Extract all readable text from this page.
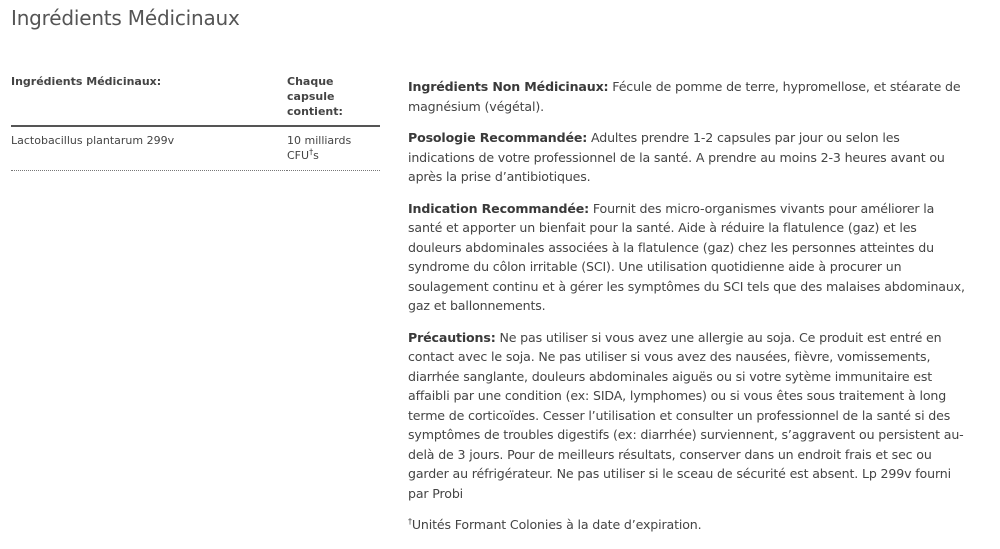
Ingrédients Médicinaux
Ingrédients Médicinaux:	Chaque capsule contient:
Lactobacillus plantarum 299v	10 milliards CFU†s

Ingrédients Non Médicinaux: Fécule de pomme de terre, hypromellose, et stéarate de magnésium (végétal).

Posologie Recommandée: Adultes prendre 1-2 capsules par jour ou selon les indications de votre professionnel de la santé. A prendre au moins 2-3 heures avant ou après la prise d’antibiotiques.

Indication Recommandée: Fournit des micro-organismes vivants pour améliorer la santé et apporter un bienfait pour la santé. Aide à réduire la flatulence (gaz) et les douleurs abdominales associées à la flatulence (gaz) chez les personnes atteintes du syndrome du côlon irritable (SCI). Une utilisation quotidienne aide à procurer un soulagement continu et à gérer les symptômes du SCI tels que des malaises abdominaux, gaz et ballonnements.

Précautions: Ne pas utiliser si vous avez une allergie au soja. Ce produit est entré en contact avec le soja. Ne pas utiliser si vous avez des nausées, fièvre, vomissements, diarrhée sanglante, douleurs abdominales aiguës ou si votre sytème immunitaire est affaibli par une condition (ex: SIDA, lymphomes) ou si vous êtes sous traitement à long terme de corticoïdes. Cesser l’utilisation et consulter un professionnel de la santé si des symptômes de troubles digestifs (ex: diarrhée) surviennent, s’aggravent ou persistent au-delà de 3 jours. Pour de meilleurs résultats, conserver dans un endroit frais et sec ou garder au réfrigérateur. Ne pas utiliser si le sceau de sécurité est absent. Lp 299v fourni par Probi

†Unités Formant Colonies à la date d’expiration.
